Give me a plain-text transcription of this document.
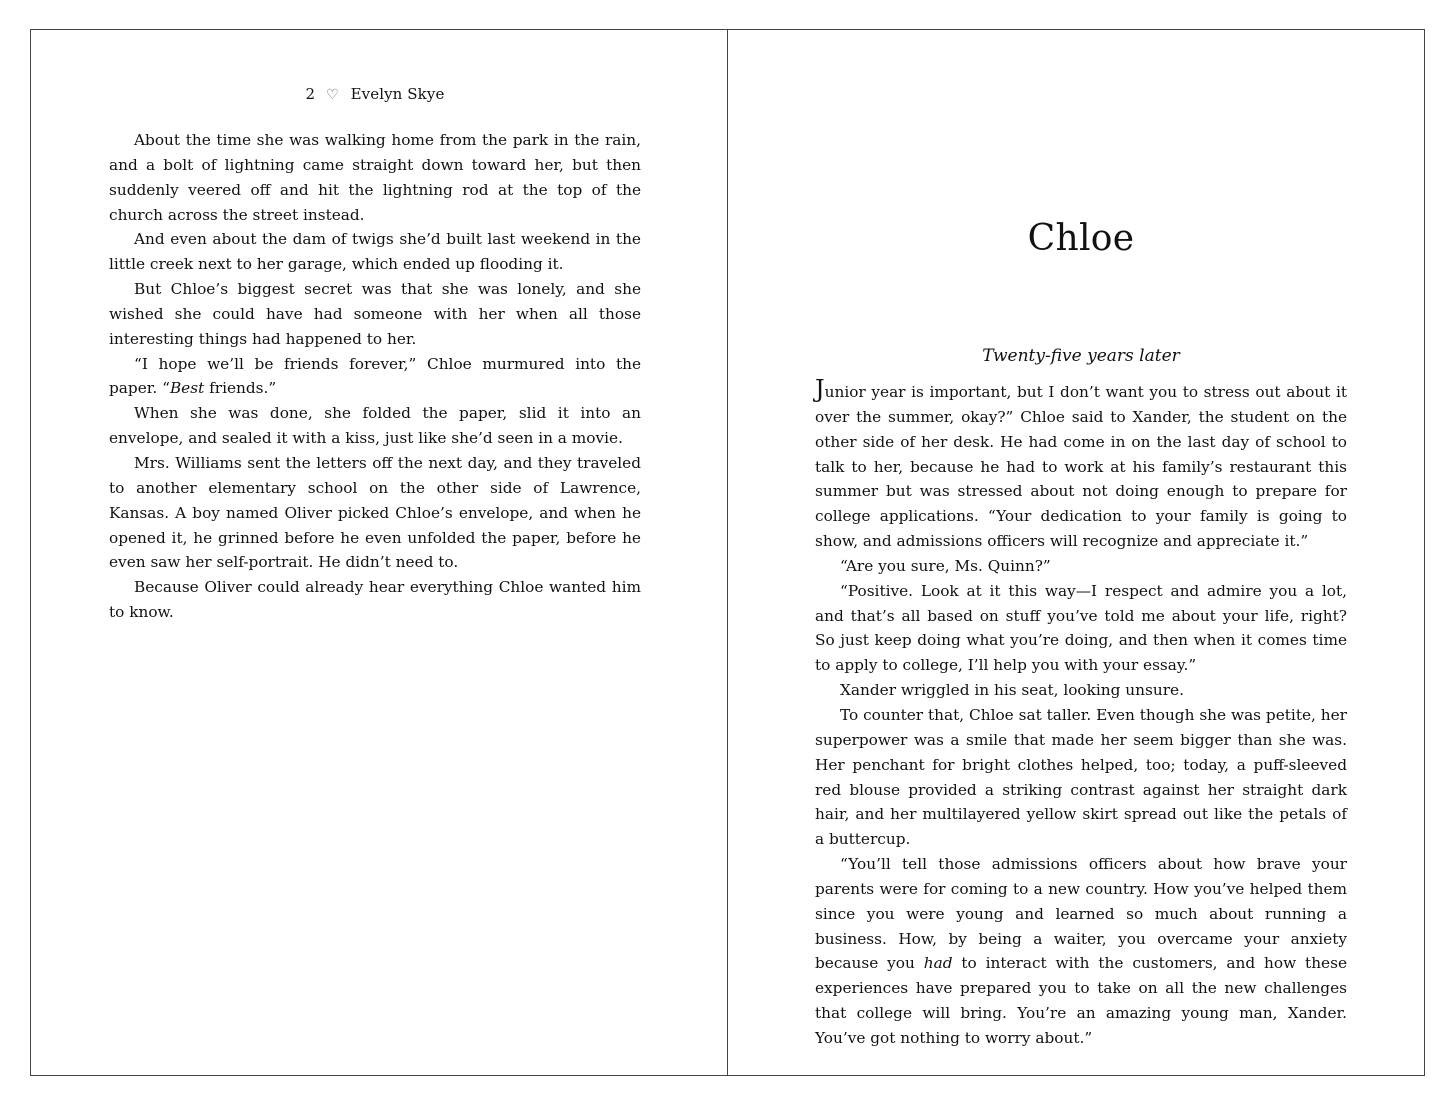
2 ♡ Evelyn Skye

About the time she was walking home from the park in the rain, and a bolt of lightning came straight down toward her, but then suddenly veered off and hit the lightning rod at the top of the church across the street instead.

And even about the dam of twigs she’d built last weekend in the little creek next to her garage, which ended up flooding it.

But Chloe’s biggest secret was that she was lonely, and she wished she could have had someone with her when all those interesting things had happened to her.

“I hope we’ll be friends forever,” Chloe murmured into the paper. “Best friends.”

When she was done, she folded the paper, slid it into an envelope, and sealed it with a kiss, just like she’d seen in a movie.

Mrs. Williams sent the letters off the next day, and they traveled to another elementary school on the other side of Lawrence, Kansas. A boy named Oliver picked Chloe’s envelope, and when he opened it, he grinned before he even unfolded the paper, before he even saw her self-portrait. He didn’t need to.

Because Oliver could already hear everything Chloe wanted him to know.

Chloe
Twenty-five years later

Junior year is important, but I don’t want you to stress out about it over the summer, okay?” Chloe said to Xander, the student on the other side of her desk. He had come in on the last day of school to talk to her, because he had to work at his family’s restaurant this summer but was stressed about not doing enough to prepare for college applications. “Your dedication to your family is going to show, and admissions officers will recognize and appreciate it.”

“Are you sure, Ms. Quinn?”

“Positive. Look at it this way—I respect and admire you a lot, and that’s all based on stuff you’ve told me about your life, right? So just keep doing what you’re doing, and then when it comes time to apply to college, I’ll help you with your essay.”

Xander wriggled in his seat, looking unsure.

To counter that, Chloe sat taller. Even though she was petite, her superpower was a smile that made her seem bigger than she was. Her penchant for bright clothes helped, too; today, a puff-sleeved red blouse provided a striking contrast against her straight dark hair, and her multilayered yellow skirt spread out like the petals of a buttercup.

“You’ll tell those admissions officers about how brave your parents were for coming to a new country. How you’ve helped them since you were young and learned so much about running a business. How, by being a waiter, you overcame your anxiety because you had to interact with the customers, and how these experiences have prepared you to take on all the new challenges that college will bring. You’re an amazing young man, Xander. You’ve got nothing to worry about.”
